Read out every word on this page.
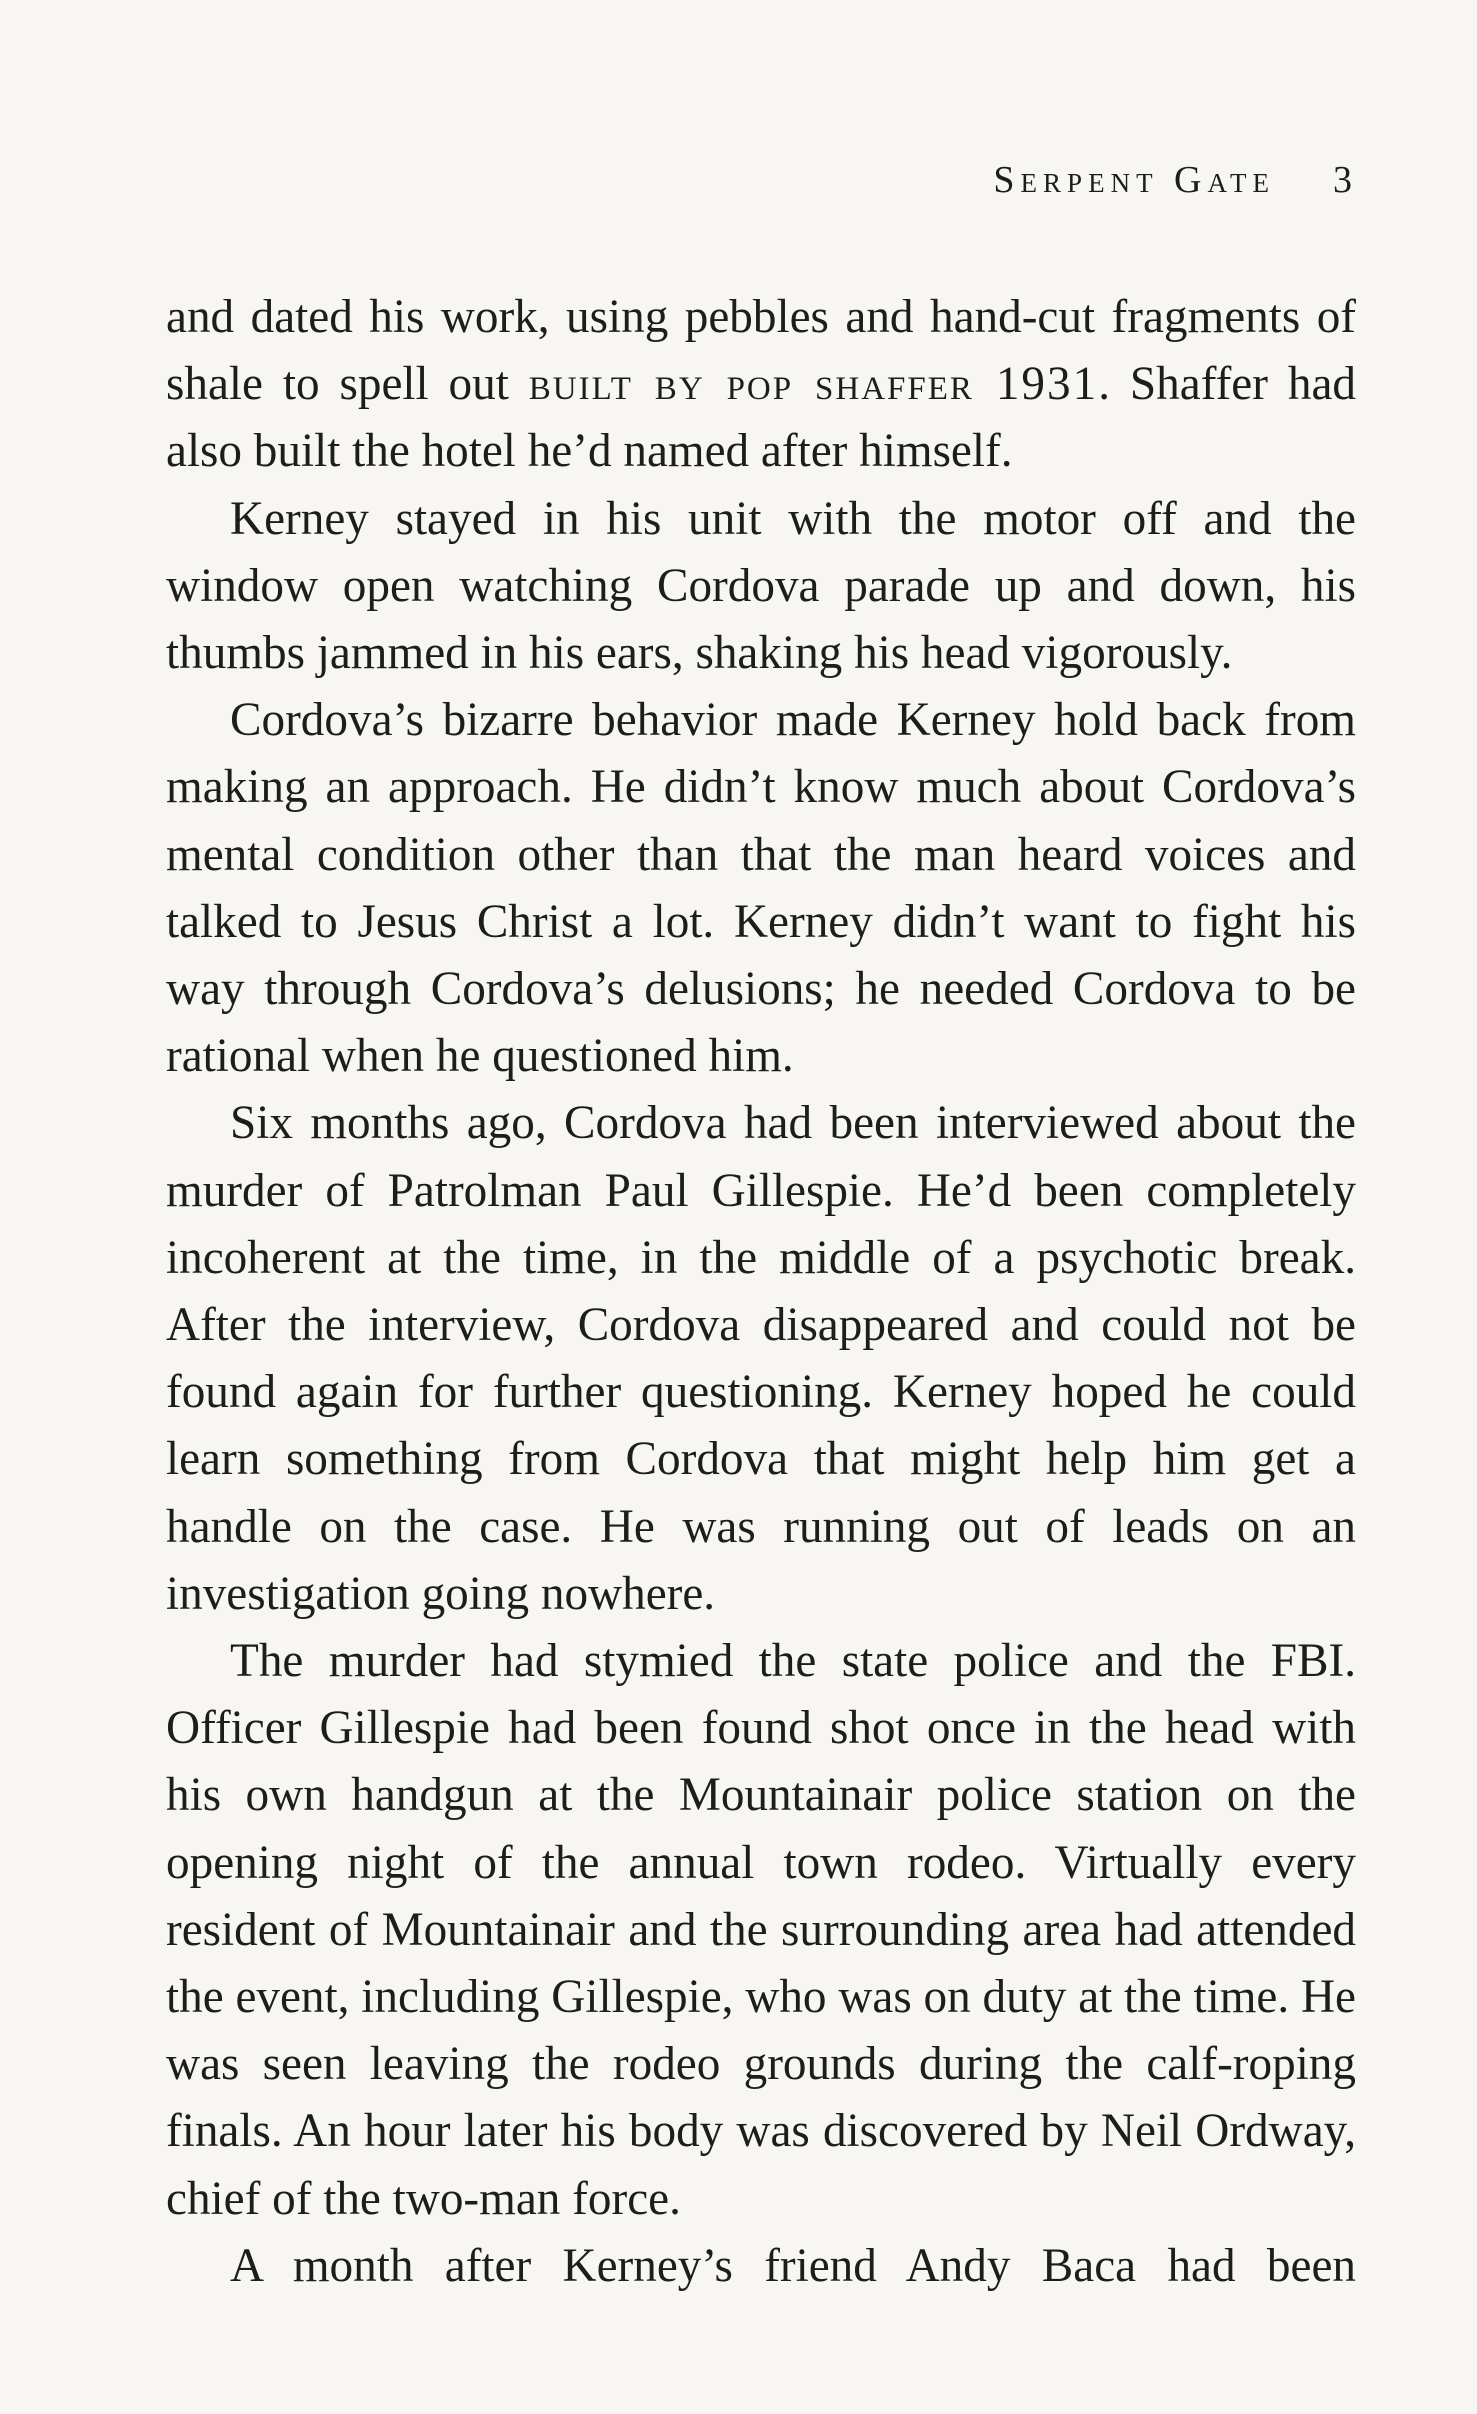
Serpent Gate 3

and dated his work, using pebbles and hand-cut fragments of shale to spell out built by pop shaffer 1931. Shaffer had also built the hotel he’d named after himself.

Kerney stayed in his unit with the motor off and the window open watching Cordova parade up and down, his thumbs jammed in his ears, shaking his head vigorously.

Cordova’s bizarre behavior made Kerney hold back from making an approach. He didn’t know much about Cordova’s mental condition other than that the man heard voices and talked to Jesus Christ a lot. Kerney didn’t want to fight his way through Cordova’s delusions; he needed Cordova to be rational when he questioned him.

Six months ago, Cordova had been interviewed about the murder of Patrolman Paul Gillespie. He’d been completely incoherent at the time, in the middle of a psychotic break. After the interview, Cordova disappeared and could not be found again for further questioning. Kerney hoped he could learn something from Cordova that might help him get a handle on the case. He was running out of leads on an investigation going nowhere.

The murder had stymied the state police and the FBI. Officer Gillespie had been found shot once in the head with his own handgun at the Mountainair police station on the opening night of the annual town rodeo. Virtually every resident of Mountainair and the surrounding area had attended the event, including Gillespie, who was on duty at the time. He was seen leaving the rodeo grounds during the calf-roping finals. An hour later his body was discovered by Neil Ordway, chief of the two-man force.

A month after Kerney’s friend Andy Baca had been
